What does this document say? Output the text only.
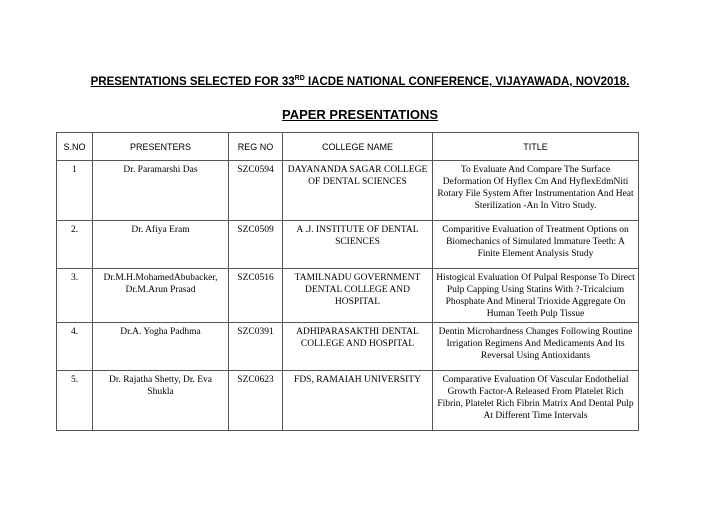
PRESENTATIONS SELECTED FOR 33RD IACDE NATIONAL CONFERENCE, VIJAYAWADA, NOV2018.
PAPER PRESENTATIONS
S.NO	PRESENTERS	REG NO	COLLEGE NAME	TITLE
1	Dr. Paramarshi Das	SZC0594	DAYANANDA SAGAR COLLEGE OF DENTAL SCIENCES	To Evaluate And Compare The Surface Deformation Of Hyflex Cm And HyflexEdmNiti Rotary File System After Instrumentation And Heat Sterilization -An In Vitro Study.
2.	Dr. Afiya Eram	SZC0509	A .J. INSTITUTE OF DENTAL SCIENCES	Comparitive Evaluation of Treatment Options on Biomechanics of Simulated Immature Teeth: A Finite Element Analysis Study
3.	Dr.M.H.MohamedAbubacker, Dr.M.Arun Prasad	SZC0516	TAMILNADU GOVERNMENT DENTAL COLLEGE AND HOSPITAL	Histogical Evaluation Of Pulpal Response To Direct Pulp Capping Using Statins With ?-Tricalcium Phosphate And Mineral Trioxide Aggregate On Human Teeth Pulp Tissue
4.	Dr.A. Yogha Padhma	SZC0391	ADHIPARASAKTHI DENTAL COLLEGE AND HOSPITAL	Dentin Microhardness Changes Following Routine Irrigation Regimens And Medicaments And Its Reversal Using Antioxidants
5.	Dr. Rajatha Shetty, Dr. Eva Shukla	SZC0623	FDS, RAMAIAH UNIVERSITY	Comparative Evaluation Of Vascular Endothelial Growth Factor-A Released From Platelet Rich Fibrin, Platelet Rich Fibrin Matrix And Dental Pulp At Different Time Intervals
